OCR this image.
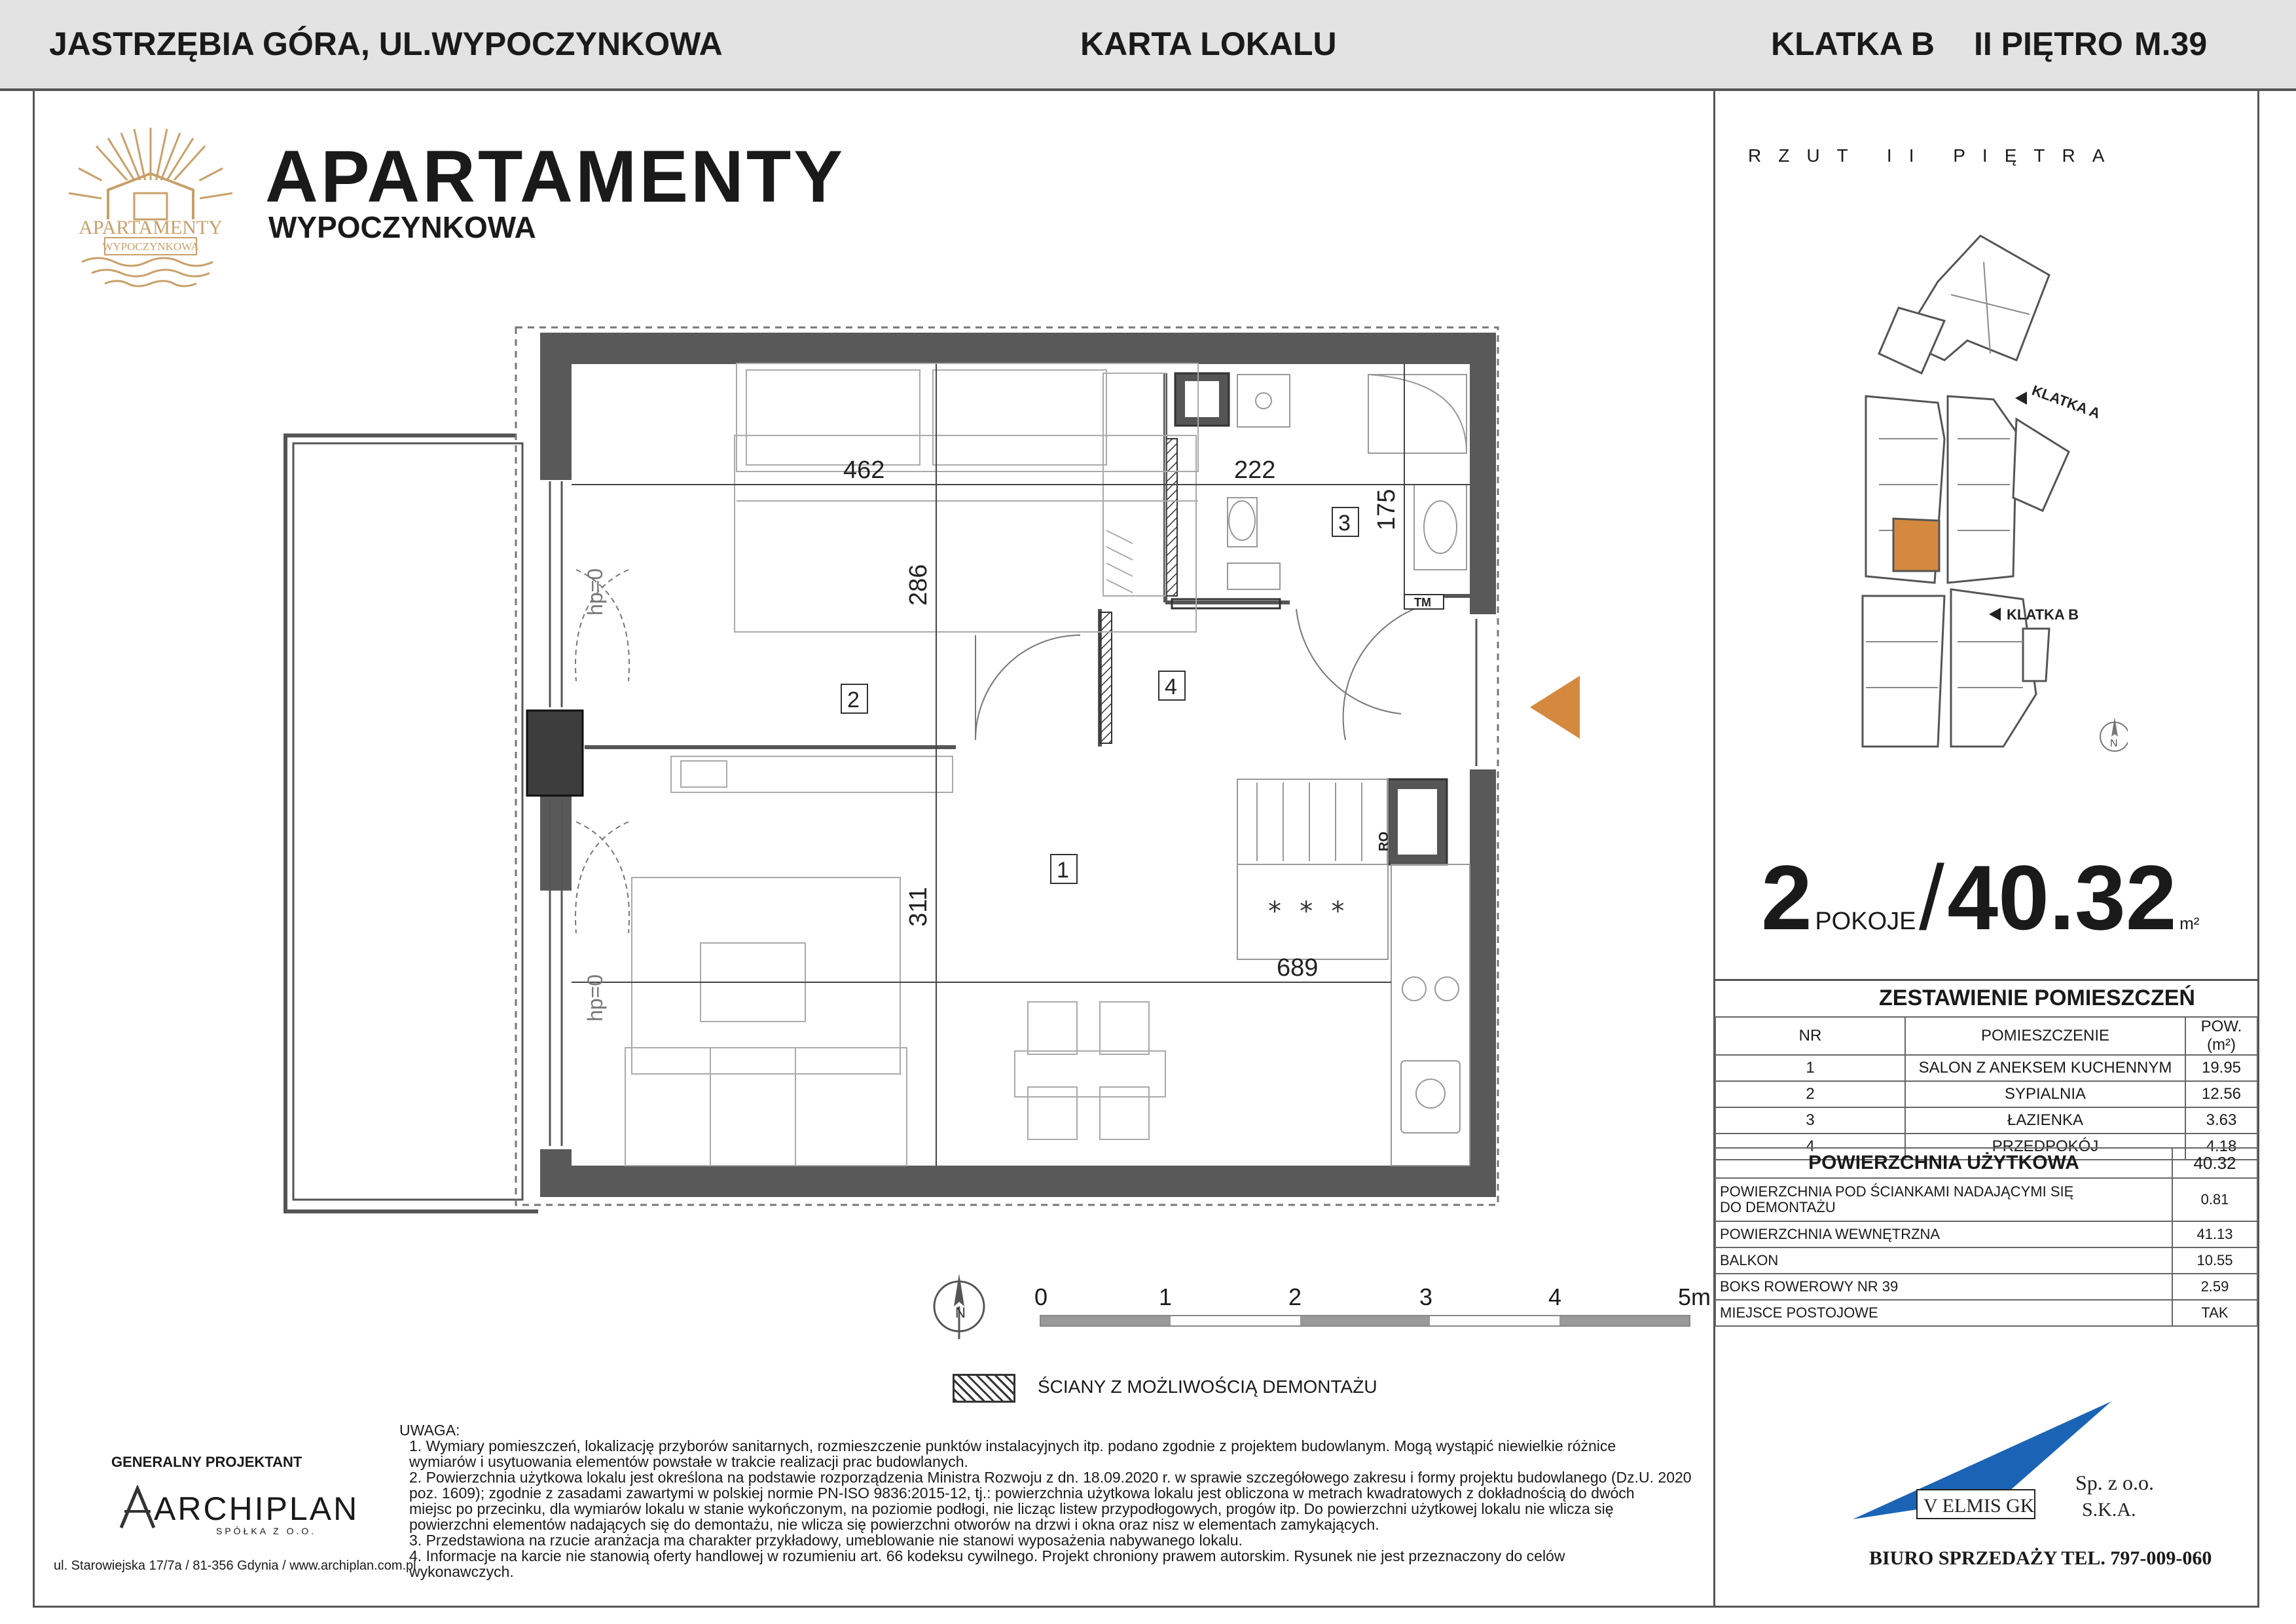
JASTRZĘBIA GÓRA, UL.WYPOCZYNKOWA	KARTA LOKALU	KLATKA B II PIĘTRO M.39
APARTAMENTY
WYPOCZYNKOWA
APARTAMENTY
WYPOCZYNKOWA
* * *
462	222
689
286
311
175
1
2
3
4
TM
RO
hp=0
hp=0
N
0	1	2	3	4	5m
ŚCIANY Z MOŻLIWOŚCIĄ DEMONTAŻU
UWAGA:
1. Wymiary pomieszczeń, lokalizację przyborów sanitarnych, rozmieszczenie punktów instalacyjnych itp. podano zgodnie z projektem budowlanym. Mogą wystąpić niewielkie różnice
wymiarów i usytuowania elementów powstałe w trakcie realizacji prac budowlanych.
2. Powierzchnia użytkowa lokalu jest określona na podstawie rozporządzenia Ministra Rozwoju z dn. 18.09.2020 r. w sprawie szczegółowego zakresu i formy projektu budowlanego (Dz.U. 2020
poz. 1609); zgodnie z zasadami zawartymi w polskiej normie PN-ISO 9836:2015-12, tj.: powierzchnia użytkowa lokalu jest obliczona w metrach kwadratowych z dokładnością do dwóch
miejsc po przecinku, dla wymiarów lokalu w stanie wykończonym, na poziomie podłogi, nie licząc listew przypodłogowych, progów itp. Do powierzchni użytkowej lokalu nie wlicza się
powierzchni elementów nadających się do demontażu, nie wlicza się powierzchni otworów na drzwi i okna oraz nisz w elementach zamykających.
3. Przedstawiona na rzucie aranżacja ma charakter przykładowy, umeblowanie nie stanowi wyposażenia nabywanego lokalu.
4. Informacje na karcie nie stanowią oferty handlowej w rozumieniu art. 66 kodeksu cywilnego. Projekt chroniony prawem autorskim. Rysunek nie jest przeznaczony do celów
wykonawczych.
GENERALNY PROJEKTANT
ARCHIPLAN
SPÓŁKA Z O.O.
ul. Starowiejska 17/7a / 81-356 Gdynia / www.archiplan.com.pl
RZUT II PIĘTRA
KLATKA A
KLATKA B
N
2 POKOJE / 40.32 m²
ZESTAWIENIE POMIESZCZEŃ
NR	POMIESZCZENIE	POW. (m²)
1	SALON Z ANEKSEM KUCHENNYM	19.95
2	SYPIALNIA	12.56
3	ŁAZIENKA	3.63
4	PRZEDPOKÓJ	4.18
POWIERZCHNIA UŻYTKOWA	40.32
POWIERZCHNIA POD ŚCIANKAMI NADAJĄCYMI SIĘ DO DEMONTAŻU	0.81
POWIERZCHNIA WEWNĘTRZNA	41.13
BALKON	10.55
BOKS ROWEROWY NR 39	2.59
MIEJSCE POSTOJOWE	TAK
V ELMIS GK
Sp. z o.o.
S.K.A.
BIURO SPRZEDAŻY TEL. 797-009-060
